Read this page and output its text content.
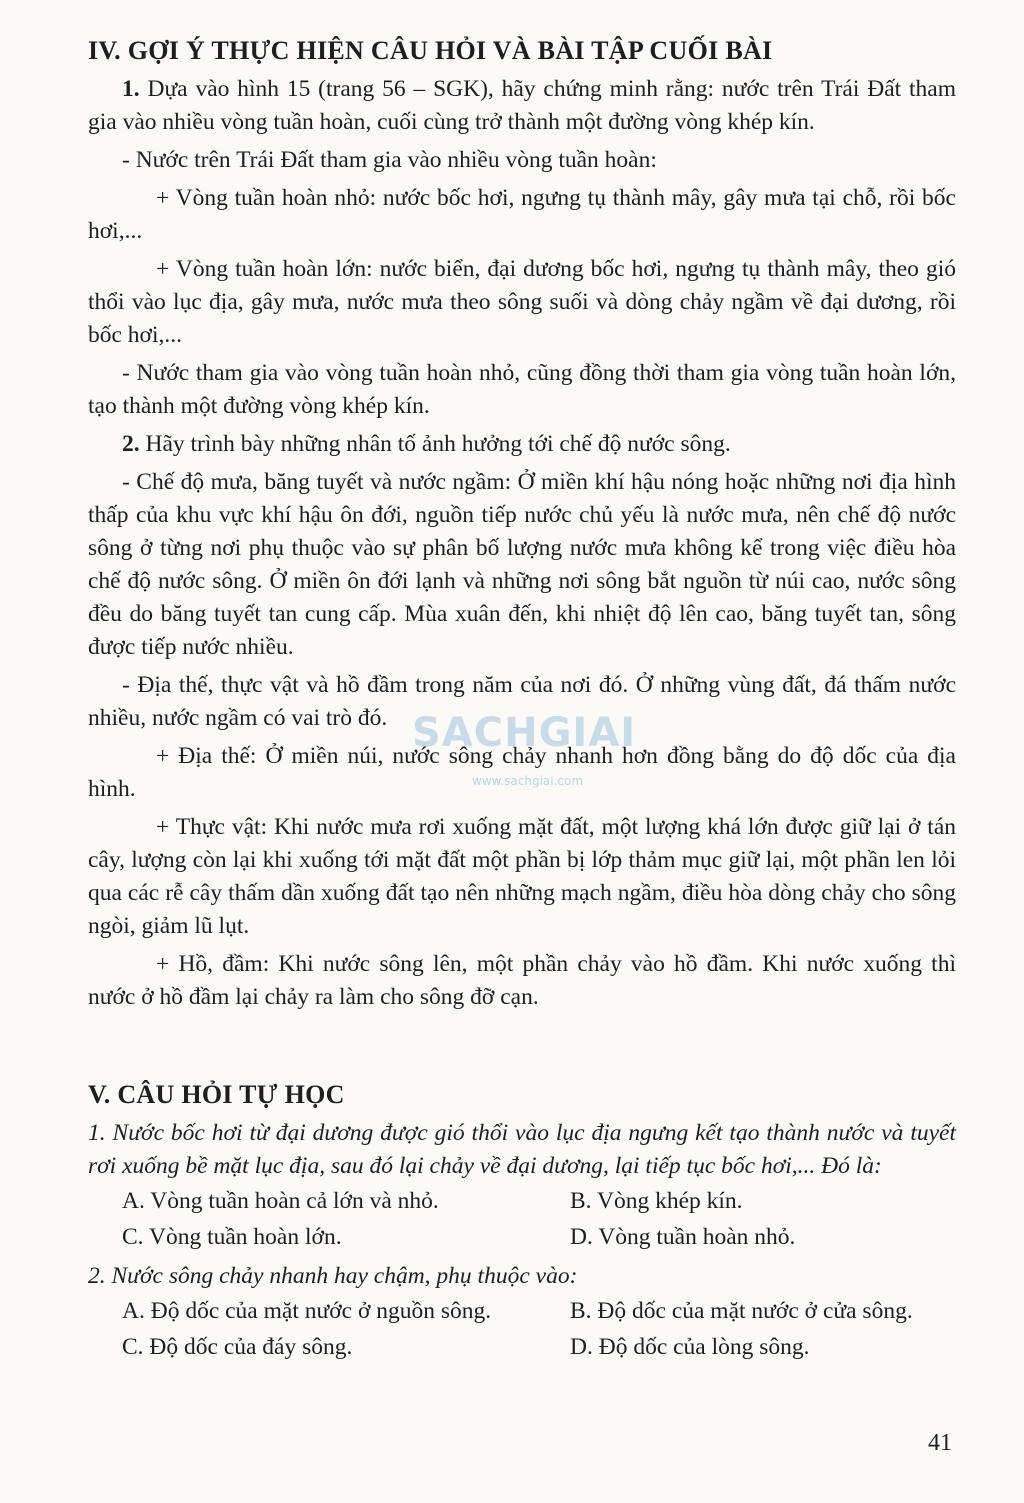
IV. GỢI Ý THỰC HIỆN CÂU HỎI VÀ BÀI TẬP CUỐI BÀI

1. Dựa vào hình 15 (trang 56 – SGK), hãy chứng minh rằng: nước trên Trái Đất tham gia vào nhiều vòng tuần hoàn, cuối cùng trở thành một đường vòng khép kín.

- Nước trên Trái Đất tham gia vào nhiều vòng tuần hoàn:

+ Vòng tuần hoàn nhỏ: nước bốc hơi, ngưng tụ thành mây, gây mưa tại chỗ, rồi bốc hơi,...

+ Vòng tuần hoàn lớn: nước biển, đại dương bốc hơi, ngưng tụ thành mây, theo gió thổi vào lục địa, gây mưa, nước mưa theo sông suối và dòng chảy ngầm về đại dương, rồi bốc hơi,...

- Nước tham gia vào vòng tuần hoàn nhỏ, cũng đồng thời tham gia vòng tuần hoàn lớn, tạo thành một đường vòng khép kín.

2. Hãy trình bày những nhân tố ảnh hưởng tới chế độ nước sông.

- Chế độ mưa, băng tuyết và nước ngầm: Ở miền khí hậu nóng hoặc những nơi địa hình thấp của khu vực khí hậu ôn đới, nguồn tiếp nước chủ yếu là nước mưa, nên chế độ nước sông ở từng nơi phụ thuộc vào sự phân bố lượng nước mưa không kể trong việc điều hòa chế độ nước sông. Ở miền ôn đới lạnh và những nơi sông bắt nguồn từ núi cao, nước sông đều do băng tuyết tan cung cấp. Mùa xuân đến, khi nhiệt độ lên cao, băng tuyết tan, sông được tiếp nước nhiều.

- Địa thế, thực vật và hồ đầm trong năm của nơi đó. Ở những vùng đất, đá thấm nước nhiều, nước ngầm có vai trò đó.

+ Địa thế: Ở miền núi, nước sông chảy nhanh hơn đồng bằng do độ dốc của địa hình.

+ Thực vật: Khi nước mưa rơi xuống mặt đất, một lượng khá lớn được giữ lại ở tán cây, lượng còn lại khi xuống tới mặt đất một phần bị lớp thảm mục giữ lại, một phần len lỏi qua các rễ cây thấm dần xuống đất tạo nên những mạch ngầm, điều hòa dòng chảy cho sông ngòi, giảm lũ lụt.

+ Hồ, đầm: Khi nước sông lên, một phần chảy vào hồ đầm. Khi nước xuống thì nước ở hồ đầm lại chảy ra làm cho sông đỡ cạn.

V. CÂU HỎI TỰ HỌC

1. Nước bốc hơi từ đại dương được gió thổi vào lục địa ngưng kết tạo thành nước và tuyết rơi xuống bề mặt lục địa, sau đó lại chảy về đại dương, lại tiếp tục bốc hơi,... Đó là:

A. Vòng tuần hoàn cả lớn và nhỏ.	B. Vòng khép kín.
C. Vòng tuần hoàn lớn.	D. Vòng tuần hoàn nhỏ.

2. Nước sông chảy nhanh hay chậm, phụ thuộc vào:

A. Độ dốc của mặt nước ở nguồn sông.	B. Độ dốc của mặt nước ở cửa sông.
C. Độ dốc của đáy sông.	D. Độ dốc của lòng sông.
SACHGIAI
www.sachgiai.com
41
